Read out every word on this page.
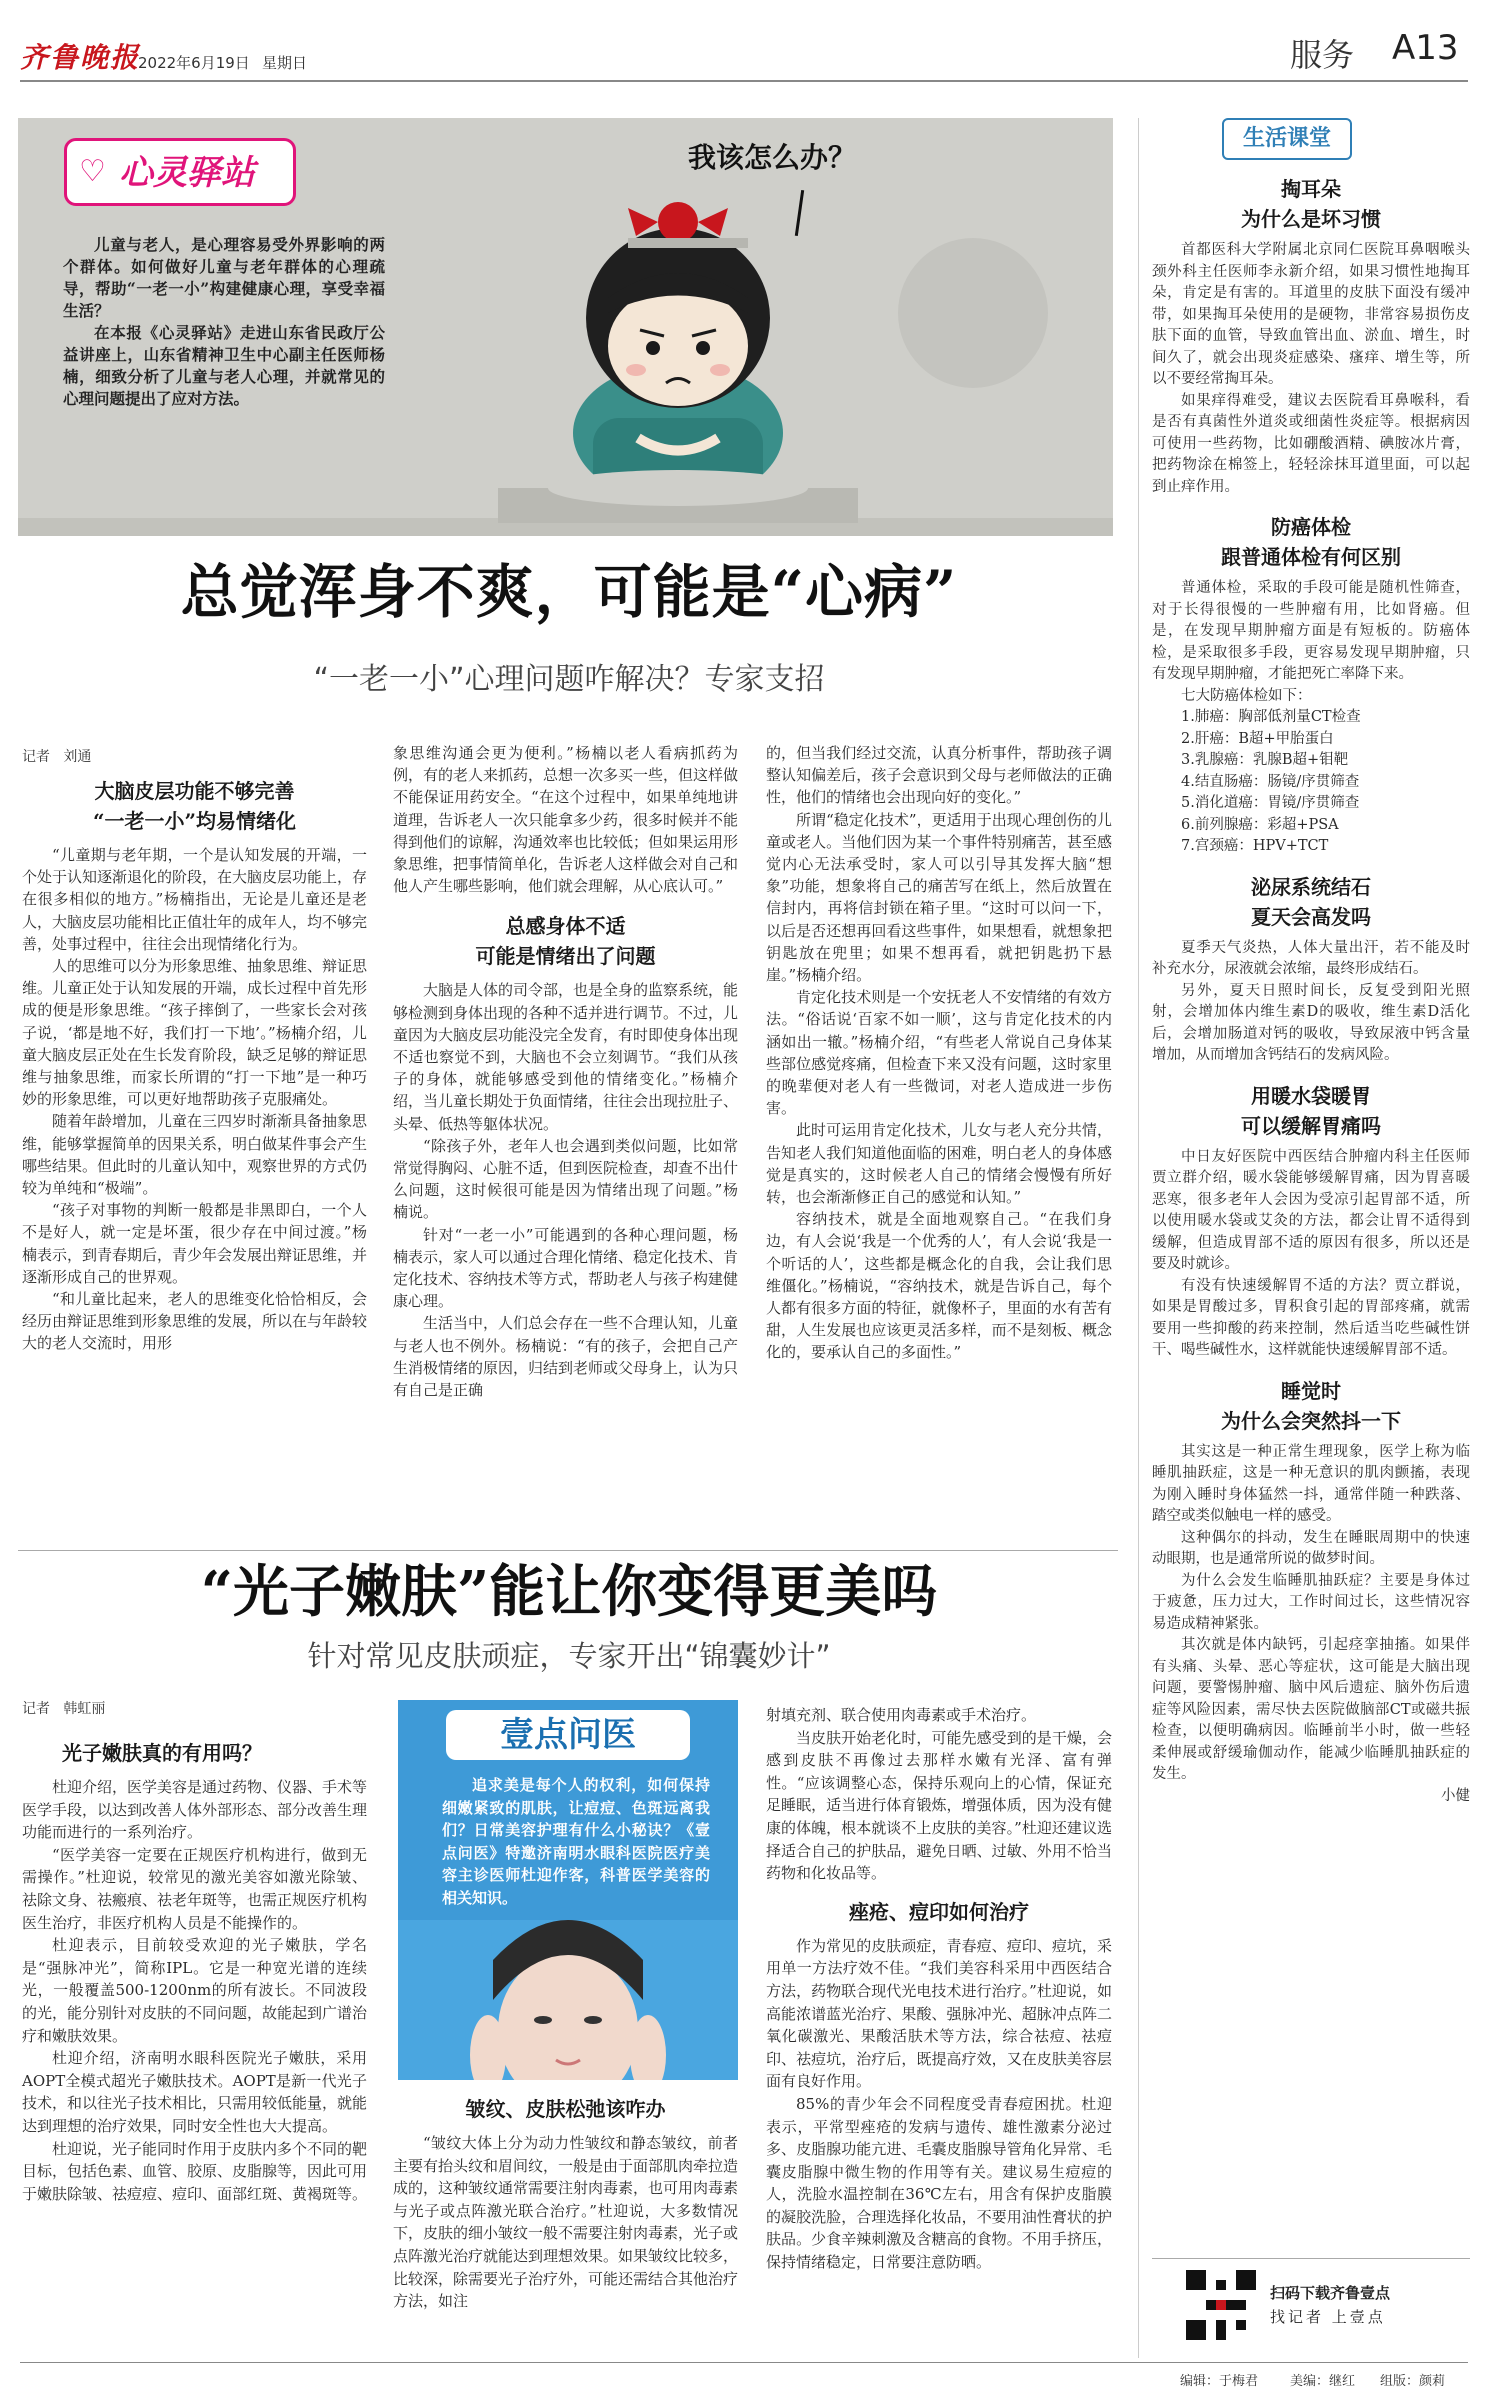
齐鲁晚报
2022年6月19日 星期日	服务 A13
♡ 心灵驿站

儿童与老人，是心理容易受外界影响的两个群体。如何做好儿童与老年群体的心理疏导，帮助“一老一小”构建健康心理，享受幸福生活？

在本报《心灵驿站》走进山东省民政厅公益讲座上，山东省精神卫生中心副主任医师杨楠，细致分析了儿童与老人心理，并就常见的心理问题提出了应对方法。

我该怎么办？
总觉浑身不爽，可能是“心病”
“一老一小”心理问题咋解决？专家支招
记者 刘通
大脑皮层功能不够完善
“一老一小”均易情绪化

“儿童期与老年期，一个是认知发展的开端，一个处于认知逐渐退化的阶段，在大脑皮层功能上，存在很多相似的地方。”杨楠指出，无论是儿童还是老人，大脑皮层功能相比正值壮年的成年人，均不够完善，处事过程中，往往会出现情绪化行为。

人的思维可以分为形象思维、抽象思维、辩证思维。儿童正处于认知发展的开端，成长过程中首先形成的便是形象思维。“孩子摔倒了，一些家长会对孩子说，‘都是地不好，我们打一下地’。”杨楠介绍，儿童大脑皮层正处在生长发育阶段，缺乏足够的辩证思维与抽象思维，而家长所谓的“打一下地”是一种巧妙的形象思维，可以更好地帮助孩子克服痛处。

随着年龄增加，儿童在三四岁时渐渐具备抽象思维，能够掌握简单的因果关系，明白做某件事会产生哪些结果。但此时的儿童认知中，观察世界的方式仍较为单纯和“极端”。

“孩子对事物的判断一般都是非黑即白，一个人不是好人，就一定是坏蛋，很少存在中间过渡。”杨楠表示，到青春期后，青少年会发展出辩证思维，并逐渐形成自己的世界观。

“和儿童比起来，老人的思维变化恰恰相反，会经历由辩证思维到形象思维的发展，所以在与年龄较大的老人交流时，用形

象思维沟通会更为便利。”杨楠以老人看病抓药为例，有的老人来抓药，总想一次多买一些，但这样做不能保证用药安全。“在这个过程中，如果单纯地讲道理，告诉老人一次只能拿多少药，很多时候并不能得到他们的谅解，沟通效率也比较低；但如果运用形象思维，把事情简单化，告诉老人这样做会对自己和他人产生哪些影响，他们就会理解，从心底认可。”

总感身体不适
可能是情绪出了问题

大脑是人体的司令部，也是全身的监察系统，能够检测到身体出现的各种不适并进行调节。不过，儿童因为大脑皮层功能没完全发育，有时即使身体出现不适也察觉不到，大脑也不会立刻调节。“我们从孩子的身体，就能够感受到他的情绪变化。”杨楠介绍，当儿童长期处于负面情绪，往往会出现拉肚子、头晕、低热等躯体状况。

“除孩子外，老年人也会遇到类似问题，比如常常觉得胸闷、心脏不适，但到医院检查，却查不出什么问题，这时候很可能是因为情绪出现了问题。”杨楠说。

针对“一老一小”可能遇到的各种心理问题，杨楠表示，家人可以通过合理化情绪、稳定化技术、肯定化技术、容纳技术等方式，帮助老人与孩子构建健康心理。

生活当中，人们总会存在一些不合理认知，儿童与老人也不例外。杨楠说：“有的孩子，会把自己产生消极情绪的原因，归结到老师或父母身上，认为只有自己是正确

的，但当我们经过交流，认真分析事件，帮助孩子调整认知偏差后，孩子会意识到父母与老师做法的正确性，他们的情绪也会出现向好的变化。”

所谓“稳定化技术”，更适用于出现心理创伤的儿童或老人。当他们因为某一个事件特别痛苦，甚至感觉内心无法承受时，家人可以引导其发挥大脑“想象”功能，想象将自己的痛苦写在纸上，然后放置在信封内，再将信封锁在箱子里。“这时可以问一下，以后是否还想再回看这些事件，如果想看，就想象把钥匙放在兜里；如果不想再看，就把钥匙扔下悬崖。”杨楠介绍。

肯定化技术则是一个安抚老人不安情绪的有效方法。“俗话说‘百家不如一顺’，这与肯定化技术的内涵如出一辙。”杨楠介绍，“有些老人常说自己身体某些部位感觉疼痛，但检查下来又没有问题，这时家里的晚辈便对老人有一些微词，对老人造成进一步伤害。

此时可运用肯定化技术，儿女与老人充分共情，告知老人我们知道他面临的困难，明白老人的身体感觉是真实的，这时候老人自己的情绪会慢慢有所好转，也会渐渐修正自己的感觉和认知。”

容纳技术，就是全面地观察自己。“在我们身边，有人会说‘我是一个优秀的人’，有人会说‘我是一个听话的人’，这些都是概念化的自我，会让我们思维僵化。”杨楠说，“容纳技术，就是告诉自己，每个人都有很多方面的特征，就像杯子，里面的水有苦有甜，人生发展也应该更灵活多样，而不是刻板、概念化的，要承认自己的多面性。”

“光子嫩肤”能让你变得更美吗
针对常见皮肤顽症，专家开出“锦囊妙计”
记者 韩虹丽
光子嫩肤真的有用吗？

杜迎介绍，医学美容是通过药物、仪器、手术等医学手段，以达到改善人体外部形态、部分改善生理功能而进行的一系列治疗。

“医学美容一定要在正规医疗机构进行，做到无需操作。”杜迎说，较常见的激光美容如激光除皱、祛除文身、祛瘢痕、祛老年斑等，也需正规医疗机构医生治疗，非医疗机构人员是不能操作的。

杜迎表示，目前较受欢迎的光子嫩肤，学名是“强脉冲光”，简称IPL。它是一种宽光谱的连续光，一般覆盖500-1200nm的所有波长。不同波段的光，能分别针对皮肤的不同问题，故能起到广谱治疗和嫩肤效果。

杜迎介绍，济南明水眼科医院光子嫩肤，采用AOPT全模式超光子嫩肤技术。AOPT是新一代光子技术，和以往光子技术相比，只需用较低能量，就能达到理想的治疗效果，同时安全性也大大提高。

杜迎说，光子能同时作用于皮肤内多个不同的靶目标，包括色素、血管、胶原、皮脂腺等，因此可用于嫩肤除皱、祛痘痘、痘印、面部红斑、黄褐斑等。

壹点问医
追求美是每个人的权利，如何保持细嫩紧致的肌肤，让痘痘、色斑远离我们？日常美容护理有什么小秘诀？《壹点问医》特邀济南明水眼科医院医疗美容主诊医师杜迎作客，科普医学美容的相关知识。
皱纹、皮肤松弛该咋办

“皱纹大体上分为动力性皱纹和静态皱纹，前者主要有抬头纹和眉间纹，一般是由于面部肌肉牵拉造成的，这种皱纹通常需要注射肉毒素，也可用肉毒素与光子或点阵激光联合治疗。”杜迎说，大多数情况下，皮肤的细小皱纹一般不需要注射肉毒素，光子或点阵激光治疗就能达到理想效果。如果皱纹比较多，比较深，除需要光子治疗外，可能还需结合其他治疗方法，如注

射填充剂、联合使用肉毒素或手术治疗。

当皮肤开始老化时，可能先感受到的是干燥，会感到皮肤不再像过去那样水嫩有光泽、富有弹性。“应该调整心态，保持乐观向上的心情，保证充足睡眠，适当进行体育锻炼，增强体质，因为没有健康的体魄，根本就谈不上皮肤的美容。”杜迎还建议选择适合自己的护肤品，避免日晒、过敏、外用不恰当药物和化妆品等。

痤疮、痘印如何治疗

作为常见的皮肤顽症，青春痘、痘印、痘坑，采用单一方法疗效不佳。“我们美容科采用中西医结合方法，药物联合现代光电技术进行治疗。”杜迎说，如高能浓谱蓝光治疗、果酸、强脉冲光、超脉冲点阵二氧化碳激光、果酸活肤术等方法，综合祛痘、祛痘印、祛痘坑，治疗后，既提高疗效，又在皮肤美容层面有良好作用。

85%的青少年会不同程度受青春痘困扰。杜迎表示，平常型痤疮的发病与遗传、雄性激素分泌过多、皮脂腺功能亢进、毛囊皮脂腺导管角化异常、毛囊皮脂腺中微生物的作用等有关。建议易生痘痘的人，洗脸水温控制在36℃左右，用含有保护皮脂膜的凝胶洗脸，合理选择化妆品，不要用油性膏状的护肤品。少食辛辣刺激及含糖高的食物。不用手挤压，保持情绪稳定，日常要注意防晒。

生活课堂
掏耳朵
为什么是坏习惯

首都医科大学附属北京同仁医院耳鼻咽喉头颈外科主任医师李永新介绍，如果习惯性地掏耳朵，肯定是有害的。耳道里的皮肤下面没有缓冲带，如果掏耳朵使用的是硬物，非常容易损伤皮肤下面的血管，导致血管出血、淤血、增生，时间久了，就会出现炎症感染、瘙痒、增生等，所以不要经常掏耳朵。

如果痒得难受，建议去医院看耳鼻喉科，看是否有真菌性外道炎或细菌性炎症等。根据病因可使用一些药物，比如硼酸酒精、碘胺冰片膏，把药物涂在棉签上，轻轻涂抹耳道里面，可以起到止痒作用。

防癌体检
跟普通体检有何区别

普通体检，采取的手段可能是随机性筛查，对于长得很慢的一些肿瘤有用，比如肾癌。但是，在发现早期肿瘤方面是有短板的。防癌体检，是采取很多手段，更容易发现早期肿瘤，只有发现早期肿瘤，才能把死亡率降下来。

七大防癌体检如下：

1.肺癌：胸部低剂量CT检查

2.肝癌：B超+甲胎蛋白

3.乳腺癌：乳腺B超+钼靶

4.结直肠癌：肠镜/序贯筛查

5.消化道癌：胃镜/序贯筛查

6.前列腺癌：彩超+PSA

7.宫颈癌：HPV+TCT

泌尿系统结石
夏天会高发吗

夏季天气炎热，人体大量出汗，若不能及时补充水分，尿液就会浓缩，最终形成结石。

另外，夏天日照时间长，反复受到阳光照射，会增加体内维生素D的吸收，维生素D活化后，会增加肠道对钙的吸收，导致尿液中钙含量增加，从而增加含钙结石的发病风险。

用暖水袋暖胃
可以缓解胃痛吗

中日友好医院中西医结合肿瘤内科主任医师贾立群介绍，暖水袋能够缓解胃痛，因为胃喜暖恶寒，很多老年人会因为受凉引起胃部不适，所以使用暖水袋或艾灸的方法，都会让胃不适得到缓解，但造成胃部不适的原因有很多，所以还是要及时就诊。

有没有快速缓解胃不适的方法？贾立群说，如果是胃酸过多，胃积食引起的胃部疼痛，就需要用一些抑酸的药来控制，然后适当吃些碱性饼干、喝些碱性水，这样就能快速缓解胃部不适。

睡觉时
为什么会突然抖一下

其实这是一种正常生理现象，医学上称为临睡肌抽跃症，这是一种无意识的肌肉颤搐，表现为刚入睡时身体猛然一抖，通常伴随一种跌落、踏空或类似触电一样的感受。

这种偶尔的抖动，发生在睡眠周期中的快速动眼期，也是通常所说的做梦时间。

为什么会发生临睡肌抽跃症？主要是身体过于疲惫，压力过大，工作时间过长，这些情况容易造成精神紧张。

其次就是体内缺钙，引起痉挛抽搐。如果伴有头痛、头晕、恶心等症状，这可能是大脑出现问题，要警惕肿瘤、脑中风后遗症、脑外伤后遗症等风险因素，需尽快去医院做脑部CT或磁共振检查，以便明确病因。临睡前半小时，做一些轻柔伸展或舒缓瑜伽动作，能减少临睡肌抽跃症的发生。

小健

扫码下载齐鲁壹点
找记者 上壹点
编辑：于梅君 美编：继红 组版：颜莉
